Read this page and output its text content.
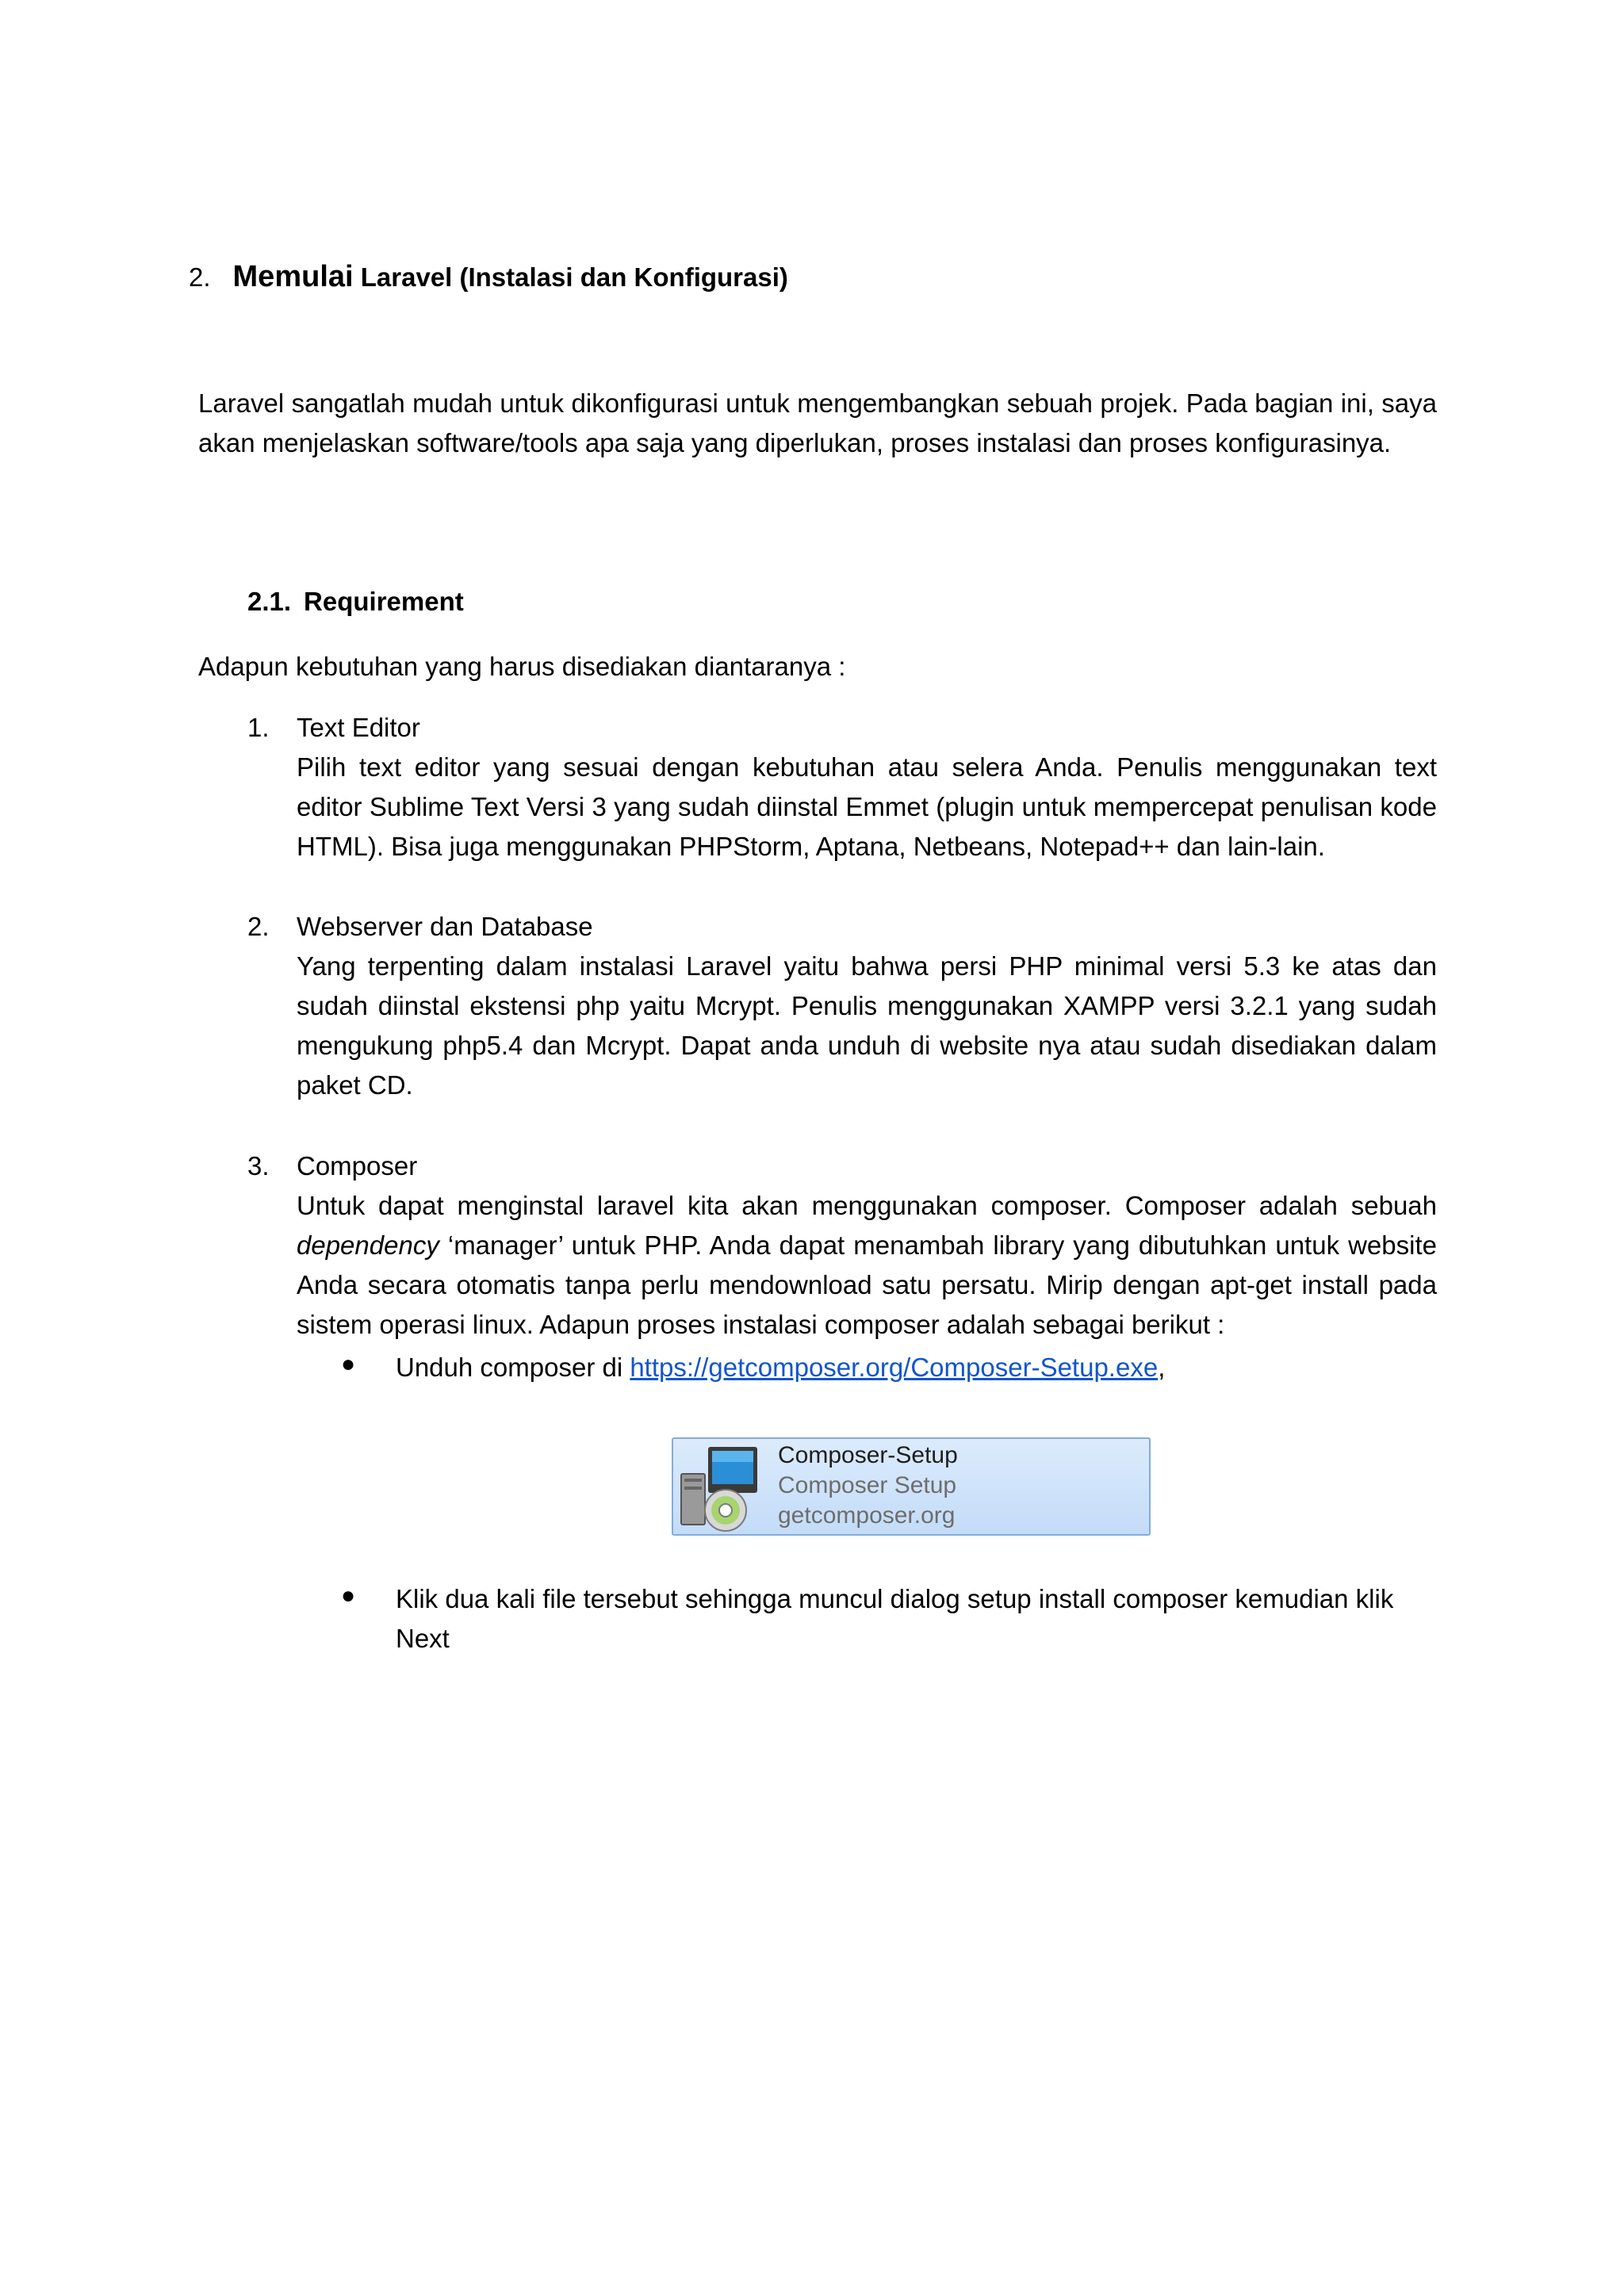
2. Memulai Laravel (Instalasi dan Konfigurasi)

Laravel sangatlah mudah untuk dikonfigurasi untuk mengembangkan sebuah projek. Pada bagian ini, saya akan menjelaskan software/tools apa saja yang diperlukan, proses instalasi dan proses konfigurasinya.

2.1. Requirement
Adapun kebutuhan yang harus disediakan diantaranya :
1. Text Editor

Pilih text editor yang sesuai dengan kebutuhan atau selera Anda. Penulis menggunakan text editor Sublime Text Versi 3 yang sudah diinstal Emmet (plugin untuk mempercepat penulisan kode HTML). Bisa juga menggunakan PHPStorm, Aptana, Netbeans, Notepad++ dan lain-lain.

2. Webserver dan Database

Yang terpenting dalam instalasi Laravel yaitu bahwa persi PHP minimal versi 5.3 ke atas dan sudah diinstal ekstensi php yaitu Mcrypt. Penulis menggunakan XAMPP versi 3.2.1 yang sudah mengukung php5.4 dan Mcrypt. Dapat anda unduh di website nya atau sudah disediakan dalam paket CD.

3. Composer

Untuk dapat menginstal laravel kita akan menggunakan composer. Composer adalah sebuah dependency ‘manager’ untuk PHP. Anda dapat menambah library yang dibutuhkan untuk website Anda secara otomatis tanpa perlu mendownload satu persatu. Mirip dengan apt-get install pada sistem operasi linux. Adapun proses instalasi composer adalah sebagai berikut :

● Unduh composer di https://getcomposer.org/Composer-Setup.exe,

Composer-Setup
Composer Setup
getcomposer.org
● Klik dua kali file tersebut sehingga muncul dialog setup install composer kemudian klik Next
